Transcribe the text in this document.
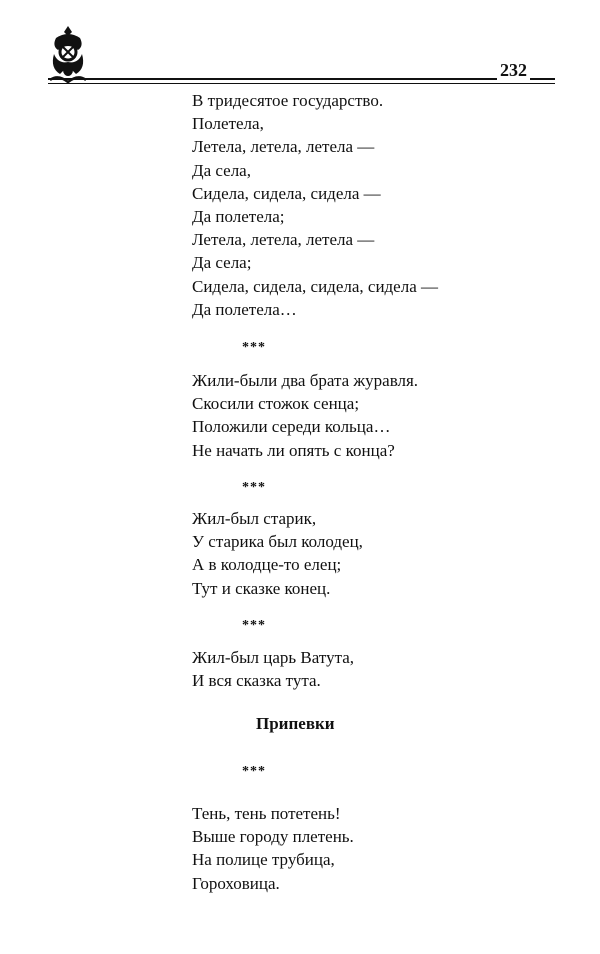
232
В тридесятое государство.
Полетела,
Летела, летела, летела —
Да села,
Сидела, сидела, сидела —
Да полетела;
Летела, летела, летела —
Да села;
Сидела, сидела, сидела, сидела —
Да полетела…
***
Жили-были два брата журавля.
Скосили стожок сенца;
Положили середи кольца…
Не начать ли опять с конца?
***
Жил-был старик,
У старика был колодец,
А в колодце-то елец;
Тут и сказке конец.
***
Жил-был царь Ватута,
И вся сказка тута.
Припевки
***
Тень, тень потетень!
Выше городу плетень.
На полице трубица,
Гороховица.
